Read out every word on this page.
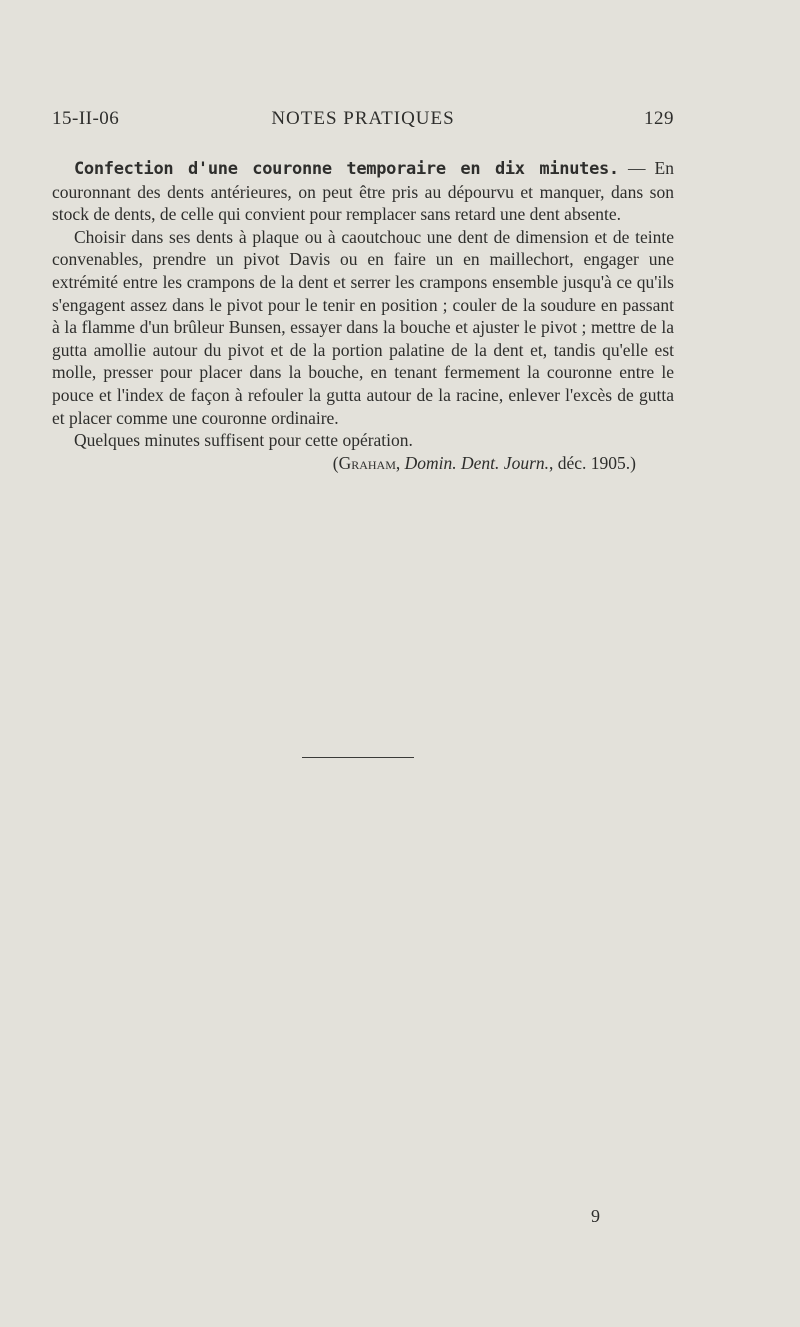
15-II-06	NOTES PRATIQUES	129

Confection d'une couronne temporaire en dix minutes. — En couronnant des dents antérieures, on peut être pris au dépourvu et manquer, dans son stock de dents, de celle qui convient pour remplacer sans retard une dent absente.

Choisir dans ses dents à plaque ou à caoutchouc une dent de dimension et de teinte convenables, prendre un pivot Davis ou en faire un en maillechort, engager une extrémité entre les crampons de la dent et serrer les crampons ensemble jusqu'à ce qu'ils s'engagent assez dans le pivot pour le tenir en position ; couler de la soudure en passant à la flamme d'un brûleur Bunsen, essayer dans la bouche et ajuster le pivot ; mettre de la gutta amollie autour du pivot et de la portion palatine de la dent et, tandis qu'elle est molle, presser pour placer dans la bouche, en tenant fermement la couronne entre le pouce et l'index de façon à refouler la gutta autour de la racine, enlever l'excès de gutta et placer comme une couronne ordinaire.

Quelques minutes suffisent pour cette opération.

(Graham, Domin. Dent. Journ., déc. 1905.)
9
